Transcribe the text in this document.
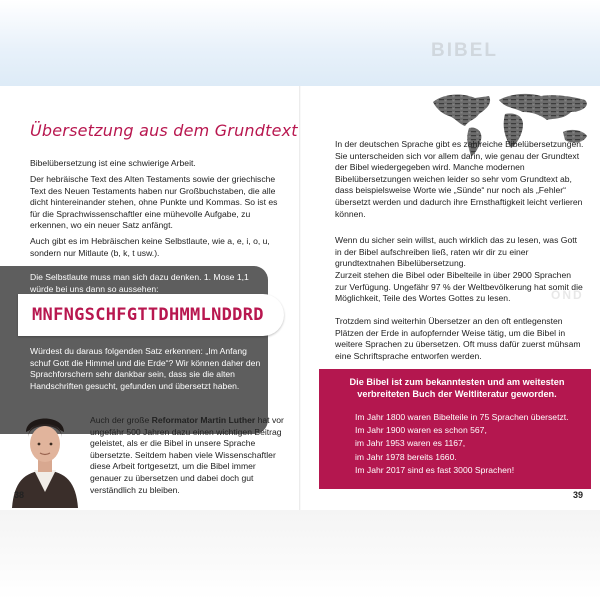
Übersetzung aus dem Grundtext

Bibelübersetzung ist eine schwierige Arbeit.

Der hebräische Text des Alten Testaments sowie der griechische Text des Neuen Testaments haben nur Großbuchstaben, die alle dicht hintereinander stehen, ohne Punkte und Kommas. So ist es für die Sprachwissenschaftler eine mühevolle Aufgabe, zu erkennen, wo ein neuer Satz anfängt.

Auch gibt es im Hebräischen keine Selbstlaute, wie a, e, i, o, u, sondern nur Mitlaute (b, k, t usw.).

Die Selbstlaute muss man sich dazu denken. 1. Mose 1,1 würde bei uns dann so aussehen:

MNFNGSCHFGTTDHMMLNDDRD

Würdest du daraus folgenden Satz erkennen: „Im Anfang schuf Gott die Himmel und die Erde“? Wir können daher den Sprachforschern sehr dankbar sein, dass sie die alten Handschriften gesucht, gefunden und übersetzt haben.

Auch der große Reformator Martin Luther hat vor ungefähr 500 Jahren dazu einen wichtigen Beitrag geleistet, als er die Bibel in unsere Sprache übersetzte. Seitdem haben viele Wissenschaftler diese Arbeit fortgesetzt, um die Bibel immer genauer zu übersetzen und dabei doch gut verständlich zu bleiben.

38
BIBEL
OND

In der deutschen Sprache gibt es zahlreiche Bibelübersetzungen. Sie unterscheiden sich vor allem darin, wie genau der Grundtext der Bibel wiedergegeben wird. Manche modernen Bibelübersetzungen weichen leider so sehr vom Grundtext ab, dass beispielsweise Worte wie „Sünde“ nur noch als „Fehler“ übersetzt werden und dadurch ihre Ernsthaftigkeit leicht verlieren können.

Wenn du sicher sein willst, auch wirklich das zu lesen, was Gott in der Bibel aufschreiben ließ, raten wir dir zu einer grundtextnahen Bibelübersetzung.

Zurzeit stehen die Bibel oder Bibelteile in über 2900 Sprachen zur Verfügung. Ungefähr 97 % der Weltbevölkerung hat somit die Möglichkeit, Teile des Wortes Gottes zu lesen.

Trotzdem sind weiterhin Übersetzer an den oft entlegensten Plätzen der Erde in aufopfernder Weise tätig, um die Bibel in weitere Sprachen zu übersetzen. Oft muss dafür zuerst mühsam eine Schriftsprache entworfen werden.

Die Bibel ist zum bekanntesten und am weitesten verbreiteten Buch der Weltliteratur geworden.

Im Jahr 1800 waren Bibelteile in 75 Sprachen übersetzt.
Im Jahr 1900 waren es schon 567,
im Jahr 1953 waren es 1167,
im Jahr 1978 bereits 1660.
Im Jahr 2017 sind es fast 3000 Sprachen!
39
